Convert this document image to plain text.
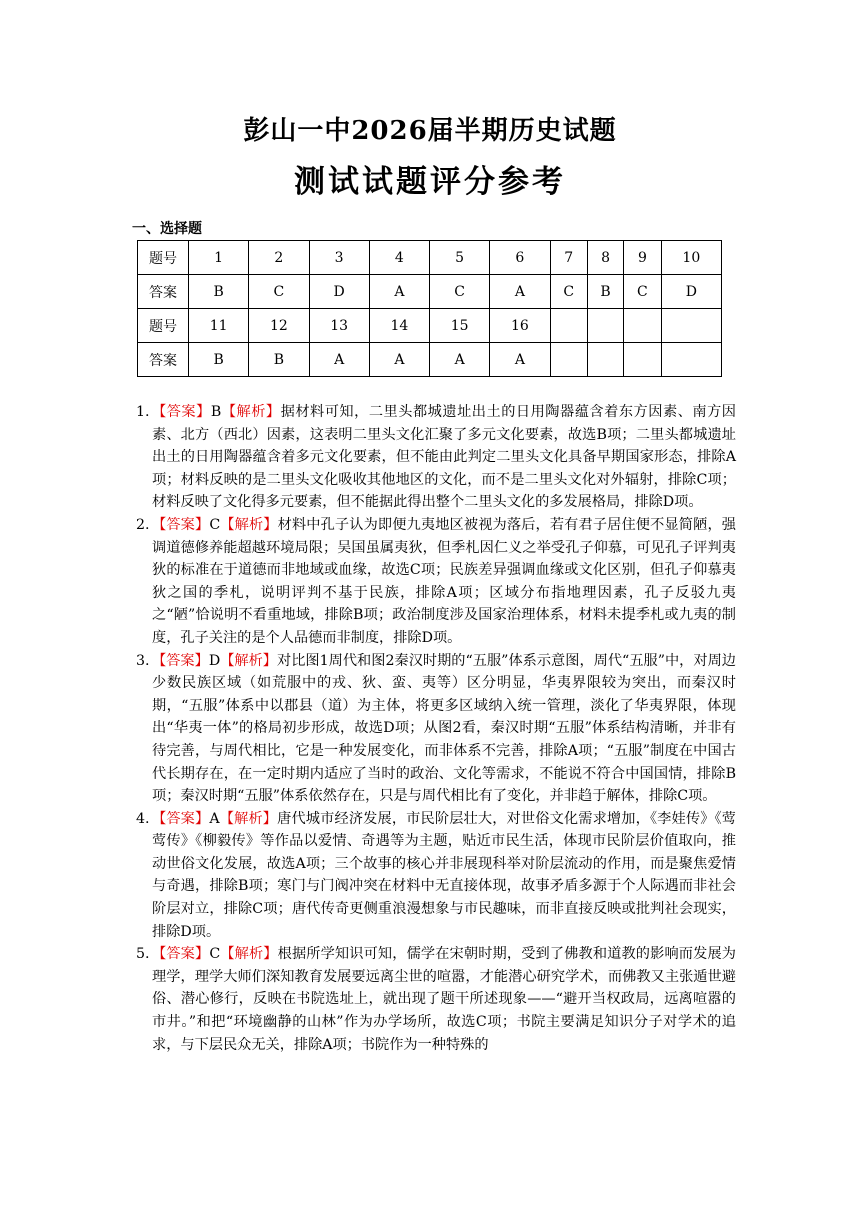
彭山一中2026届半期历史试题
测试试题评分参考
一、选择题
题号	1	2	3	4	5	6	7	8	9	10
答案	B	C	D	A	C	A	C	B	C	D
题号	11	12	13	14	15	16				
答案	B	B	A	A	A	A				
1. 【答案】B【解析】据材料可知，二里头都城遗址出土的日用陶器蕴含着东方因素、南方因素、北方（西北）因素，这表明二里头文化汇聚了多元文化要素，故选B项；二里头都城遗址出土的日用陶器蕴含着多元文化要素，但不能由此判定二里头文化具备早期国家形态，排除A项；材料反映的是二里头文化吸收其他地区的文化，而不是二里头文化对外辐射，排除C项；材料反映了文化得多元要素，但不能据此得出整个二里头文化的多发展格局，排除D项。
2. 【答案】C【解析】材料中孔子认为即便九夷地区被视为落后，若有君子居住便不显简陋，强调道德修养能超越环境局限；吴国虽属夷狄，但季札因仁义之举受孔子仰慕，可见孔子评判夷狄的标准在于道德而非地域或血缘，故选C项；民族差异强调血缘或文化区别，但孔子仰慕夷狄之国的季札，说明评判不基于民族，排除A项；区域分布指地理因素，孔子反驳九夷之“陋”恰说明不看重地域，排除B项；政治制度涉及国家治理体系，材料未提季札或九夷的制度，孔子关注的是个人品德而非制度，排除D项。
3. 【答案】D【解析】对比图1周代和图2秦汉时期的“五服”体系示意图，周代“五服”中，对周边少数民族区域（如荒服中的戎、狄、蛮、夷等）区分明显，华夷界限较为突出，而秦汉时期，“五服”体系中以郡县（道）为主体，将更多区域纳入统一管理，淡化了华夷界限，体现出“华夷一体”的格局初步形成，故选D项；从图2看，秦汉时期“五服”体系结构清晰，并非有待完善，与周代相比，它是一种发展变化，而非体系不完善，排除A项；“五服”制度在中国古代长期存在，在一定时期内适应了当时的政治、文化等需求，不能说不符合中国国情，排除B项；秦汉时期“五服”体系依然存在，只是与周代相比有了变化，并非趋于解体，排除C项。
4. 【答案】A【解析】唐代城市经济发展，市民阶层壮大，对世俗文化需求增加，《李娃传》《莺莺传》《柳毅传》等作品以爱情、奇遇等为主题，贴近市民生活，体现市民阶层价值取向，推动世俗文化发展，故选A项；三个故事的核心并非展现科举对阶层流动的作用，而是聚焦爱情与奇遇，排除B项；寒门与门阀冲突在材料中无直接体现，故事矛盾多源于个人际遇而非社会阶层对立，排除C项；唐代传奇更侧重浪漫想象与市民趣味，而非直接反映或批判社会现实，排除D项。
5. 【答案】C【解析】根据所学知识可知，儒学在宋朝时期，受到了佛教和道教的影响而发展为理学，理学大师们深知教育发展要远离尘世的喧嚣，才能潜心研究学术，而佛教又主张遁世避俗、潜心修行，反映在书院选址上，就出现了题干所述现象——“避开当权政局，远离喧嚣的市井。”和把“环境幽静的山林”作为办学场所，故选C项；书院主要满足知识分子对学术的追求，与下层民众无关，排除A项；书院作为一种特殊的
